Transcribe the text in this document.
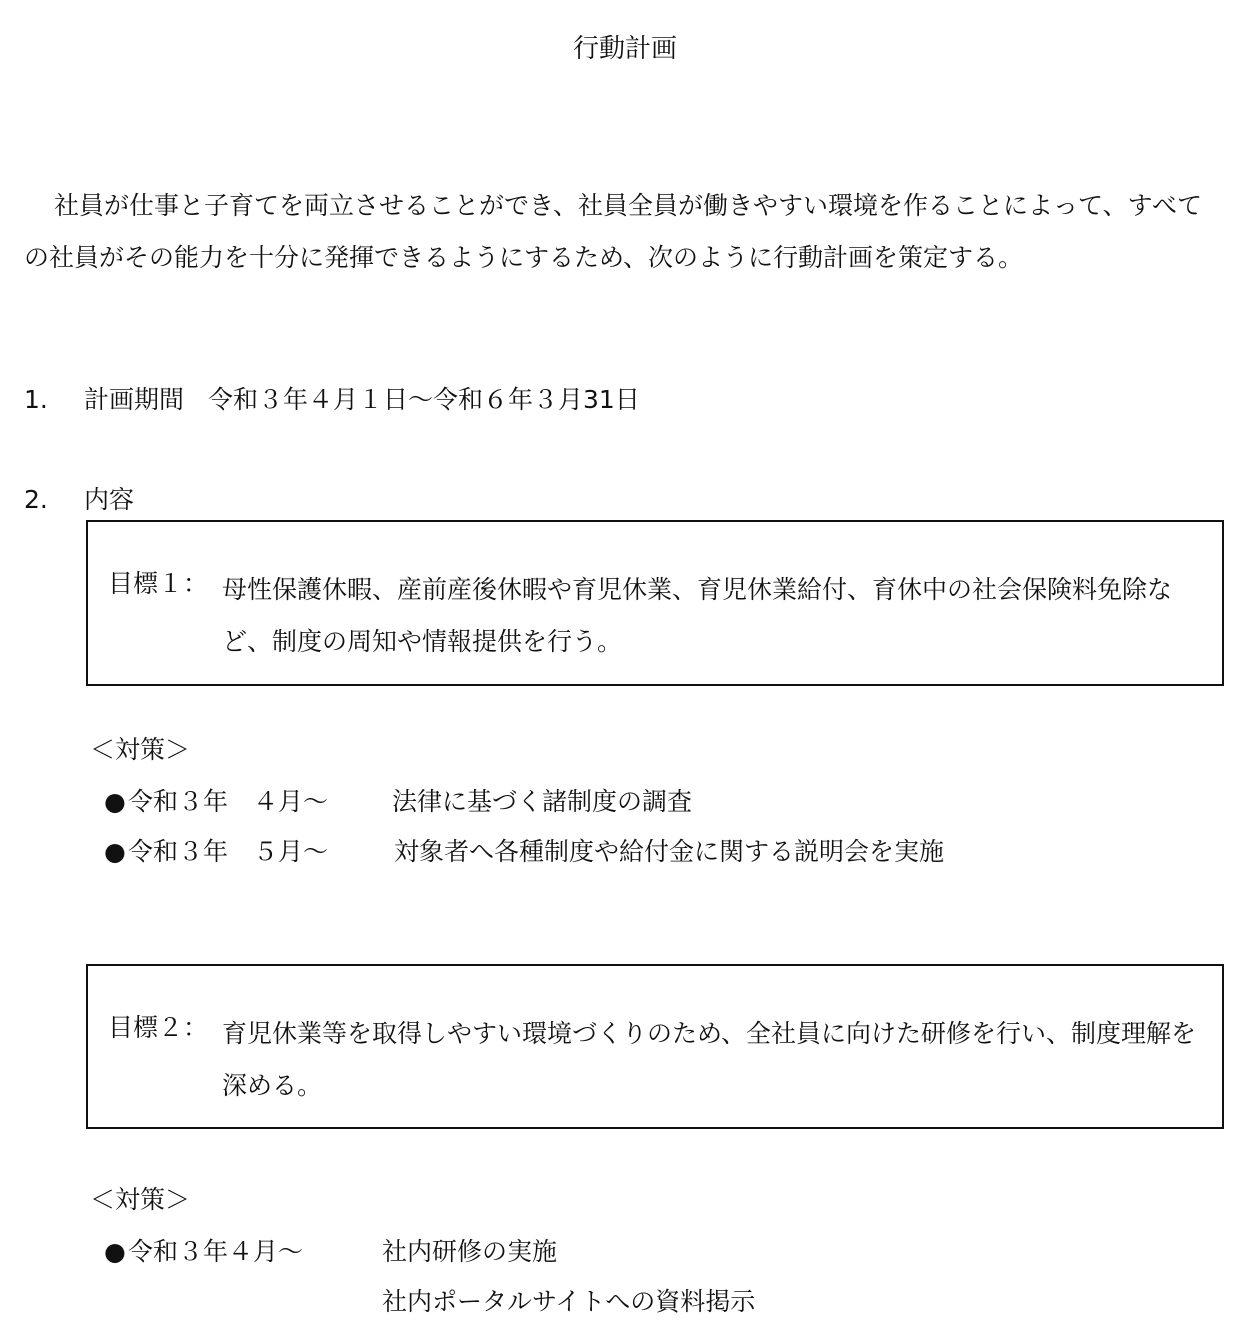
行動計画
社員が仕事と子育てを両立させることができ、社員全員が働きやすい環境を作ることによって、すべての社員がその能力を十分に発揮できるようにするため、次のように行動計画を策定する。
1. 計画期間 令和３年４月１日～令和６年３月31日
2. 内容
目標１： 母性保護休暇、産前産後休暇や育児休業、育児休業給付、育休中の社会保険料免除など、制度の周知や情報提供を行う。
＜対策＞
●令和３年　４月～	法律に基づく諸制度の調査
●令和３年　５月～	対象者へ各種制度や給付金に関する説明会を実施
目標２： 育児休業等を取得しやすい環境づくりのため、全社員に向けた研修を行い、制度理解を深める。
＜対策＞
●令和３年４月～	社内研修の実施
社内ポータルサイトへの資料掲示
